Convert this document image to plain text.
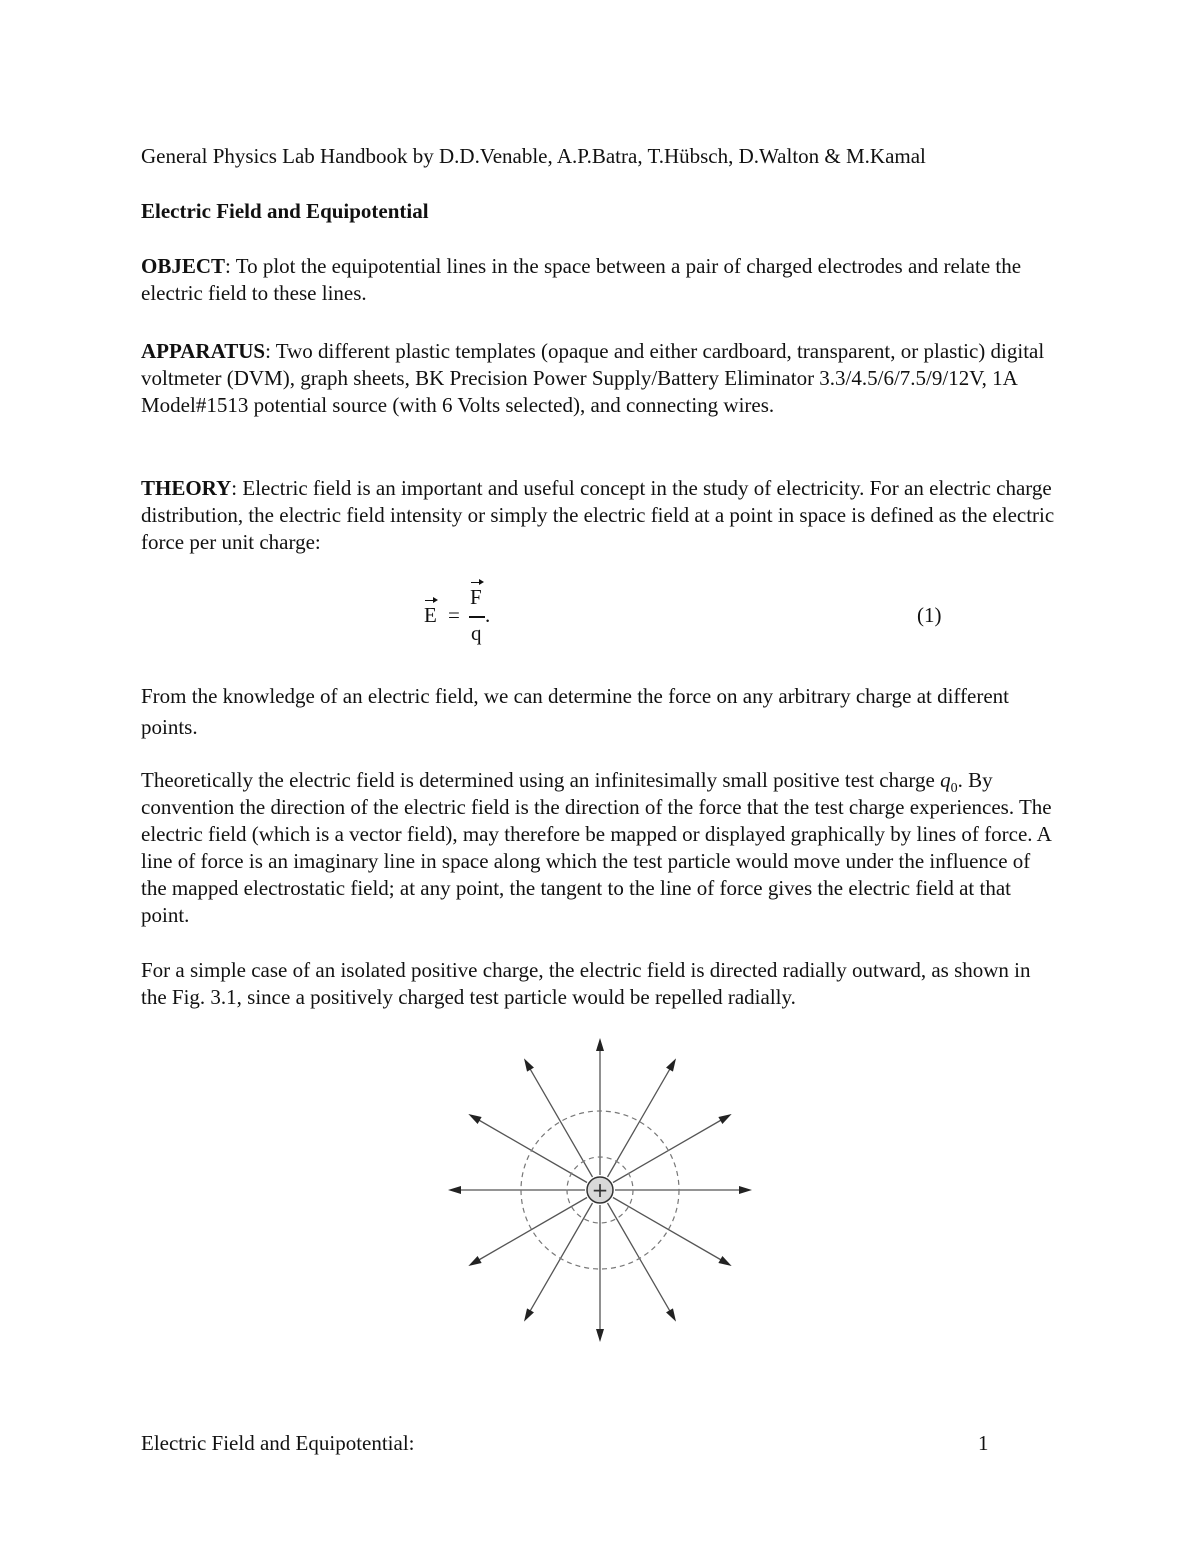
General Physics Lab Handbook by D.D.Venable, A.P.Batra, T.Hübsch, D.Walton & M.Kamal

Electric Field and Equipotential

OBJECT: To plot the equipotential lines in the space between a pair of charged electrodes and relate the electric field to these lines.

APPARATUS: Two different plastic templates (opaque and either cardboard, transparent, or plastic) digital voltmeter (DVM), graph sheets, BK Precision Power Supply/Battery Eliminator 3.3/4.5/6/7.5/9/12V, 1A Model#1513 potential source (with 6 Volts selected), and connecting wires.

THEORY: Electric field is an important and useful concept in the study of electricity. For an electric charge distribution, the electric field intensity or simply the electric field at a point in space is defined as the electric force per unit charge:

E =
F
.
q
(1)

From the knowledge of an electric field, we can determine the force on any arbitrary charge at different points.

Theoretically the electric field is determined using an infinitesimally small positive test charge $q_0$. By convention the direction of the electric field is the direction of the force that the test charge experiences. The electric field (which is a vector field), may therefore be mapped or displayed graphically by lines of force. A line of force is an imaginary line in space along which the test particle would move under the influence of the mapped electrostatic field; at any point, the tangent to the line of force gives the electric field at that point.

For a simple case of an isolated positive charge, the electric field is directed radially outward, as shown in the Fig. 3.1, since a positively charged test particle would be repelled radially.

+
Electric Field and Equipotential:	1
